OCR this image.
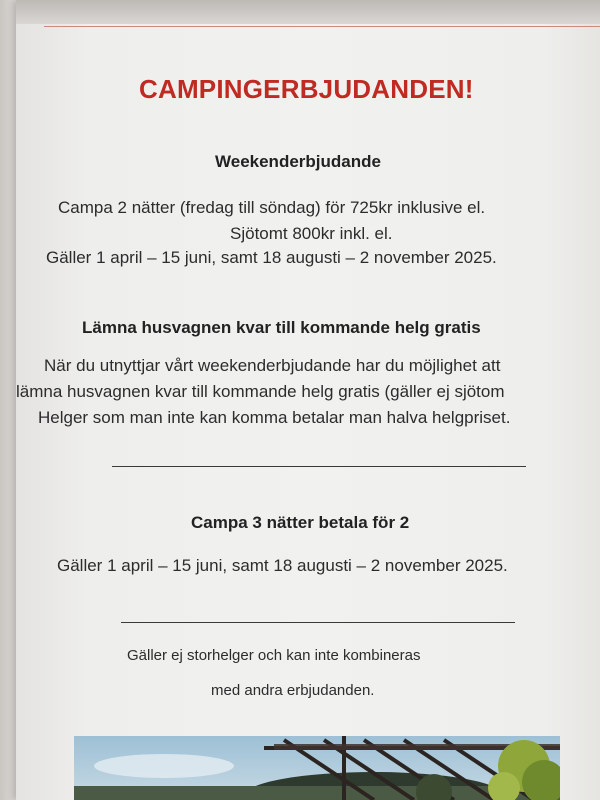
CAMPINGERBJUDANDEN!
Weekenderbjudande
Campa 2 nätter (fredag till söndag) för 725kr inklusive el.
Sjötomt 800kr inkl. el.
Gäller 1 april – 15 juni, samt 18 augusti – 2 november 2025.
Lämna husvagnen kvar till kommande helg gratis
När du utnyttjar vårt weekenderbjudande har du möjlighet att
lämna husvagnen kvar till kommande helg gratis (gäller ej sjötom
Helger som man inte kan komma betalar man halva helgpriset.
Campa 3 nätter betala för 2
Gäller 1 april – 15 juni, samt 18 augusti – 2 november 2025.
Gäller ej storhelger och kan inte kombineras
med andra erbjudanden.
